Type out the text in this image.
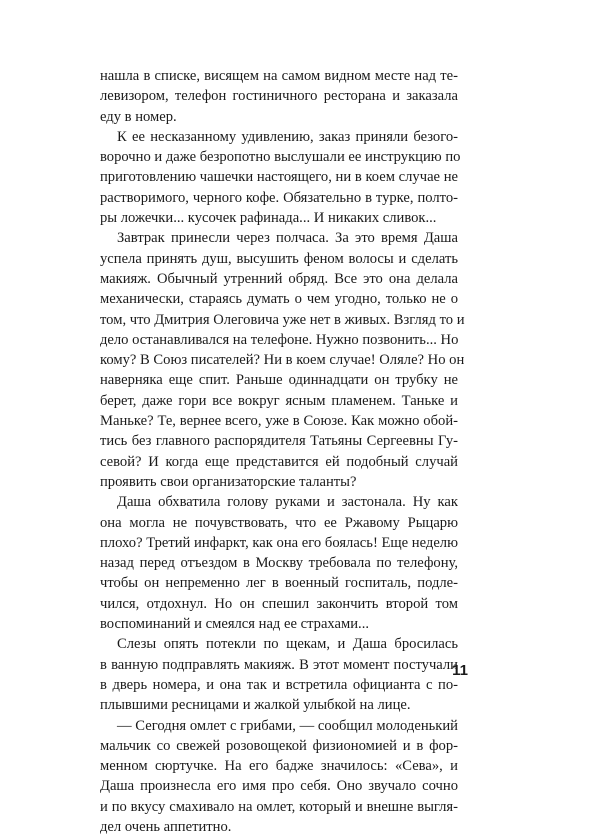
нашла в списке, висящем на самом видном месте над те-
левизором, телефон гостиничного ресторана и заказала
еду в номер.
К ее несказанному удивлению, заказ приняли безого-
ворочно и даже безропотно выслушали ее инструкцию по
приготовлению чашечки настоящего, ни в коем случае не
растворимого, черного кофе. Обязательно в турке, полто-
ры ложечки... кусочек рафинада... И никаких сливок...
Завтрак принесли через полчаса. За это время Даша
успела принять душ, высушить феном волосы и сделать
макияж. Обычный утренний обряд. Все это она делала
механически, стараясь думать о чем угодно, только не о
том, что Дмитрия Олеговича уже нет в живых. Взгляд то и
дело останавливался на телефоне. Нужно позвонить... Но
кому? В Союз писателей? Ни в коем случае! Оляле? Но он
наверняка еще спит. Раньше одиннадцати он трубку не
берет, даже гори все вокруг ясным пламенем. Таньке и
Маньке? Те, вернее всего, уже в Союзе. Как можно обой-
тись без главного распорядителя Татьяны Сергеевны Гу-
севой? И когда еще представится ей подобный случай
проявить свои организаторские таланты?
Даша обхватила голову руками и застонала. Ну как
она могла не почувствовать, что ее Ржавому Рыцарю
плохо? Третий инфаркт, как она его боялась! Еще неделю
назад перед отъездом в Москву требовала по телефону,
чтобы он непременно лег в военный госпиталь, подле-
чился, отдохнул. Но он спешил закончить второй том
воспоминаний и смеялся над ее страхами...
Слезы опять потекли по щекам, и Даша бросилась
в ванную подправлять макияж. В этот момент постучали
в дверь номера, и она так и встретила официанта с по-
плывшими ресницами и жалкой улыбкой на лице.
— Сегодня омлет с грибами, — сообщил молоденький
мальчик со свежей розовощекой физиономией и в фор-
менном сюртучке. На его бадже значилось: «Сева», и
Даша произнесла его имя про себя. Оно звучало сочно
и по вкусу смахивало на омлет, который и внешне выгля-
дел очень аппетитно.
11
